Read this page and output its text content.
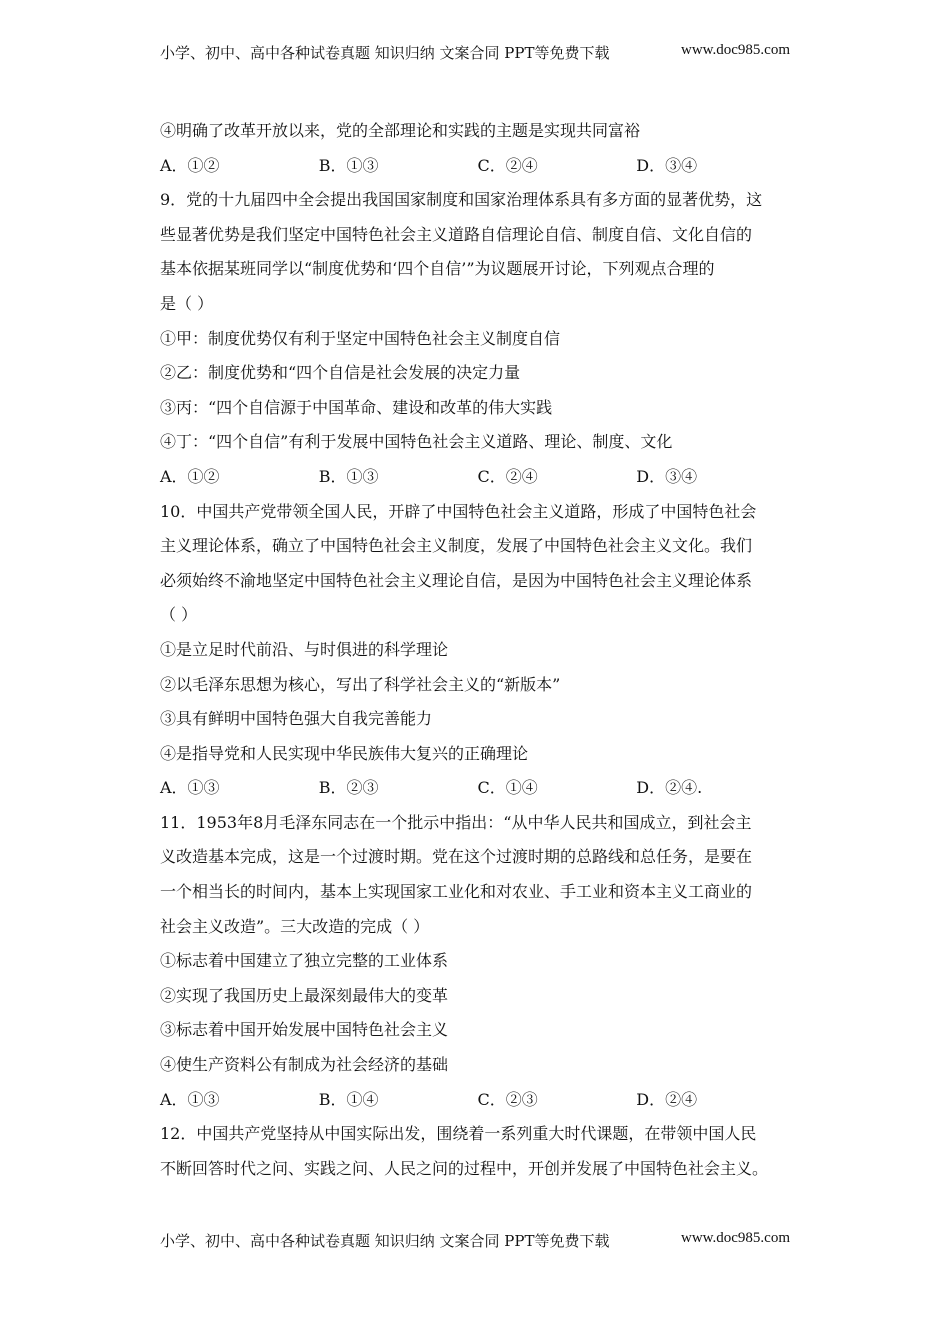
小学、初中、高中各种试卷真题 知识归纳 文案合同 PPT等免费下载	www.doc985.com
④明确了改革开放以来，党的全部理论和实践的主题是实现共同富裕
A．①②	B．①③	C．②④	D．③④
9．党的十九届四中全会提出我国国家制度和国家治理体系具有多方面的显著优势，这
些显著优势是我们坚定中国特色社会主义道路自信理论自信、制度自信、文化自信的
基本依据某班同学以“制度优势和‘四个自信’”为议题展开讨论，下列观点合理的
是（ ）
①甲：制度优势仅有利于坚定中国特色社会主义制度自信
②乙：制度优势和“四个自信是社会发展的决定力量
③丙：“四个自信源于中国革命、建设和改革的伟大实践
④丁：“四个自信”有利于发展中国特色社会主义道路、理论、制度、文化
A．①②	B．①③	C．②④	D．③④
10．中国共产党带领全国人民，开辟了中国特色社会主义道路，形成了中国特色社会
主义理论体系，确立了中国特色社会主义制度，发展了中国特色社会主义文化。我们
必须始终不渝地坚定中国特色社会主义理论自信，是因为中国特色社会主义理论体系
（ ）
①是立足时代前沿、与时俱进的科学理论
②以毛泽东思想为核心，写出了科学社会主义的“新版本”
③具有鲜明中国特色强大自我完善能力
④是指导党和人民实现中华民族伟大复兴的正确理论
A．①③	B．②③	C．①④	D．②④.
11．1953年8月毛泽东同志在一个批示中指出：“从中华人民共和国成立，到社会主
义改造基本完成，这是一个过渡时期。党在这个过渡时期的总路线和总任务，是要在
一个相当长的时间内，基本上实现国家工业化和对农业、手工业和资本主义工商业的
社会主义改造”。三大改造的完成（ ）
①标志着中国建立了独立完整的工业体系
②实现了我国历史上最深刻最伟大的变革
③标志着中国开始发展中国特色社会主义
④使生产资料公有制成为社会经济的基础
A．①③	B．①④	C．②③	D．②④
12．中国共产党坚持从中国实际出发，围绕着一系列重大时代课题，在带领中国人民
不断回答时代之问、实践之问、人民之问的过程中，开创并发展了中国特色社会主义。
小学、初中、高中各种试卷真题 知识归纳 文案合同 PPT等免费下载	www.doc985.com
